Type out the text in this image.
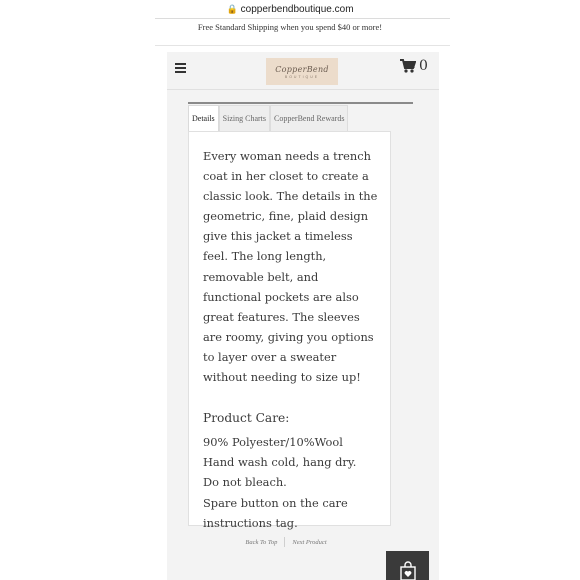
🔒 copperbendboutique.com
Free Standard Shipping when you spend $40 or more!
CopperBend
BOUTIQUE
0
Details	Sizing Charts	CopperBend Rewards

Every woman needs a trench coat in her closet to create a classic look. The details in the geometric, fine, plaid design give this jacket a timeless feel. The long length, removable belt, and functional pockets are also great features. The sleeves are roomy, giving you options to layer over a sweater without needing to size up!

Product Care:

90% Polyester/10%Wool

Hand wash cold, hang dry.

Do not bleach.

Spare button on the care instructions tag.

Back To Top Next Product
